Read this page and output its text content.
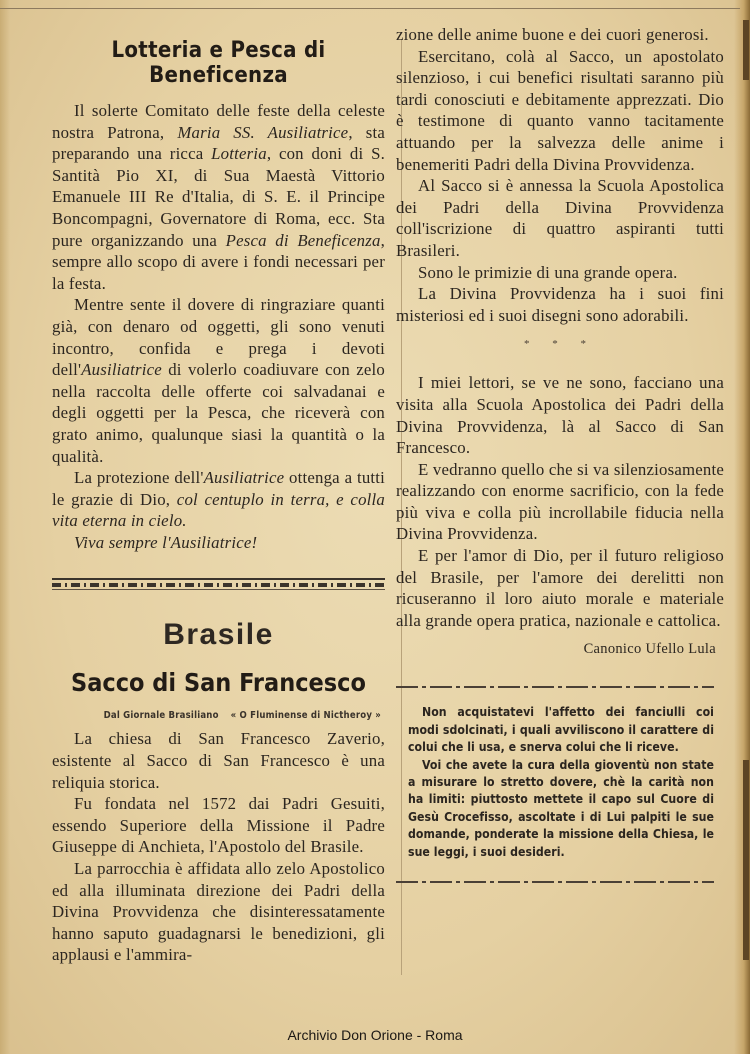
Lotteria e Pesca di Beneficenza

Il solerte Comitato delle feste della celeste nostra Patrona, Maria SS. Ausiliatrice, sta preparando una ricca Lotteria, con doni di S. Santità Pio XI, di Sua Maestà Vittorio Emanuele III Re d'Italia, di S. E. il Principe Boncompagni, Governatore di Roma, ecc. Sta pure organizzando una Pesca di Beneficenza, sempre allo scopo di avere i fondi necessari per la festa.

Mentre sente il dovere di ringraziare quanti già, con denaro od oggetti, gli sono venuti incontro, confida e prega i devoti dell'Ausiliatrice di volerlo coadiuvare con zelo nella raccolta delle offerte coi salvadanai e degli oggetti per la Pesca, che riceverà con grato animo, qualunque siasi la quantità o la qualità.

La protezione dell'Ausiliatrice ottenga a tutti le grazie di Dio, col centuplo in terra, e colla vita eterna in cielo.

Viva sempre l'Ausiliatrice!

Brasile
Sacco di San Francesco
Dal Giornale Brasiliano « O Fluminense di Nictheroy »

La chiesa di San Francesco Zaverio, esistente al Sacco di San Francesco è una reliquia storica.

Fu fondata nel 1572 dai Padri Gesuiti, essendo Superiore della Missione il Padre Giuseppe di Anchieta, l'Apostolo del Brasile.

La parrocchia è affidata allo zelo Apostolico ed alla illuminata direzione dei Padri della Divina Provvidenza che disinteressatamente hanno saputo guadagnarsi le benedizioni, gli applausi e l'ammira-

zione delle anime buone e dei cuori generosi.

Esercitano, colà al Sacco, un apostolato silenzioso, i cui benefici risultati saranno più tardi conosciuti e debitamente apprezzati. Dio è testimone di quanto vanno tacitamente attuando per la salvezza delle anime i benemeriti Padri della Divina Provvidenza.

Al Sacco si è annessa la Scuola Apostolica dei Padri della Divina Provvidenza coll'iscrizione di quattro aspiranti tutti Brasileri.

Sono le primizie di una grande opera.

La Divina Provvidenza ha i suoi fini misteriosi ed i suoi disegni sono adorabili.

* * *

I miei lettori, se ve ne sono, facciano una visita alla Scuola Apostolica dei Padri della Divina Provvidenza, là al Sacco di San Francesco.

E vedranno quello che si va silenziosamente realizzando con enorme sacrificio, con la fede più viva e colla più incrollabile fiducia nella Divina Provvidenza.

E per l'amor di Dio, per il futuro religioso del Brasile, per l'amore dei derelitti non ricuseranno il loro aiuto morale e materiale alla grande opera pratica, nazionale e cattolica.

Canonico Ufello Lula

Non acquistatevi l'affetto dei fanciulli coi modi sdolcinati, i quali avviliscono il carattere di colui che li usa, e snerva colui che li riceve.

Voi che avete la cura della gioventù non state a misurare lo stretto dovere, chè la carità non ha limiti: piuttosto mettete il capo sul Cuore di Gesù Crocefisso, ascoltate i di Lui palpiti le sue domande, ponderate la missione della Chiesa, le sue leggi, i suoi desideri.

Archivio Don Orione - Roma
